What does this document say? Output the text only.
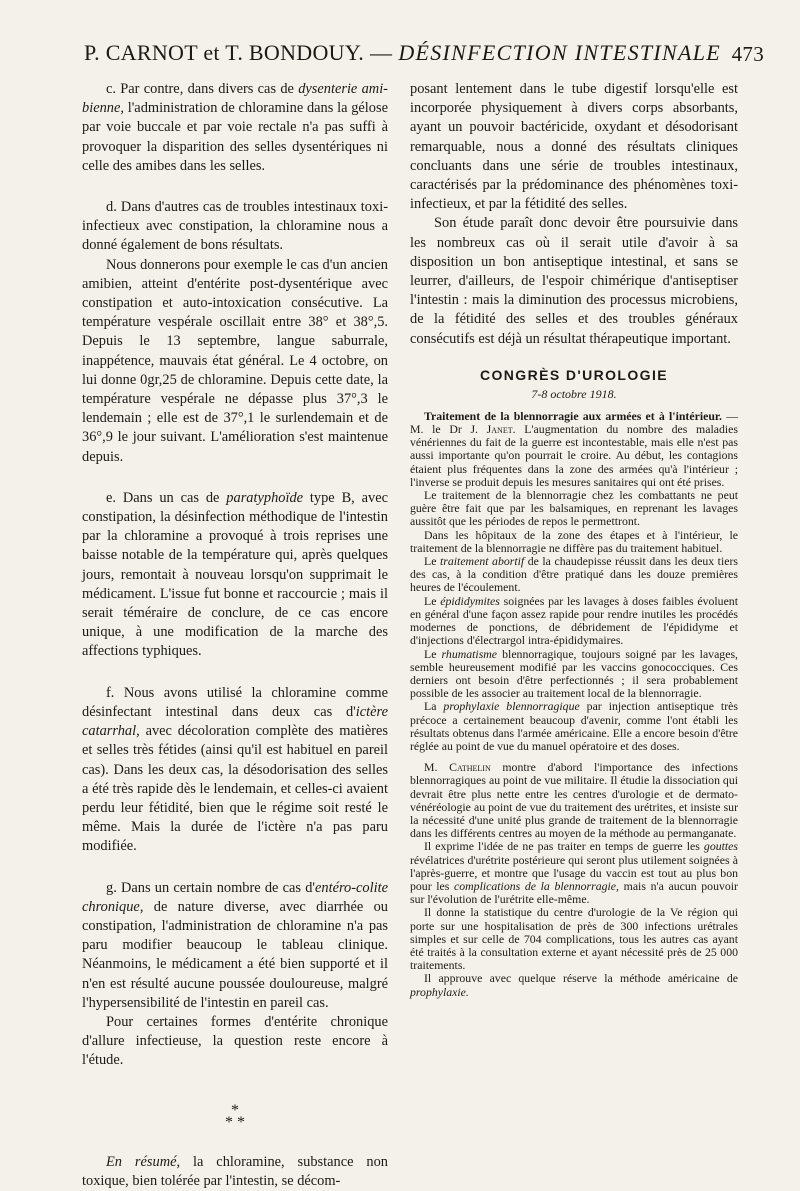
P. CARNOT et T. BONDOUY. — DÉSINFECTION INTESTINALE 473

c. Par contre, dans divers cas de dysenterie ami- bienne, l'administration de chloramine dans la gélose par voie buccale et par voie rectale n'a pas suffi à provoquer la disparition des selles dysentériques ni celle des amibes dans les selles.

d. Dans d'autres cas de troubles intestinaux toxi-infectieux avec constipation, la chloramine nous a donné également de bons résultats.

Nous donnerons pour exemple le cas d'un ancien amibien, atteint d'entérite post-dysentérique avec constipation et auto-intoxication consécutive. La température vespérale oscillait entre 38° et 38°,5. Depuis le 13 septembre, langue saburrale, inappétence, mauvais état général. Le 4 octobre, on lui donne 0gr,25 de chloramine. Depuis cette date, la température vespérale ne dépasse plus 37°,3 le lendemain ; elle est de 37°,1 le surlendemain et de 36°,9 le jour suivant. L'amélioration s'est maintenue depuis.

e. Dans un cas de paratyphoïde type B, avec constipation, la désinfection méthodique de l'intestin par la chloramine a provoqué à trois reprises une baisse notable de la température qui, après quelques jours, remontait à nouveau lorsqu'on supprimait le médicament. L'issue fut bonne et raccourcie ; mais il serait téméraire de conclure, de ce cas encore unique, à une modification de la marche des affections typhiques.

f. Nous avons utilisé la chloramine comme désinfectant intestinal dans deux cas d'ictère catarrhal, avec décoloration complète des matières et selles très fétides (ainsi qu'il est habituel en pareil cas). Dans les deux cas, la désodorisation des selles a été très rapide dès le lendemain, et celles-ci avaient perdu leur fétidité, bien que le régime soit resté le même. Mais la durée de l'ictère n'a pas paru modifiée.

g. Dans un certain nombre de cas d'entéro-colite chronique, de nature diverse, avec diarrhée ou constipation, l'administration de chloramine n'a pas paru modifier beaucoup le tableau clinique. Néanmoins, le médicament a été bien supporté et il n'en est résulté aucune poussée douloureuse, malgré l'hypersensibilité de l'intestin en pareil cas.

Pour certaines formes d'entérite chronique d'allure infectieuse, la question reste encore à l'étude.

*
* *

En résumé, la chloramine, substance non toxique, bien tolérée par l'intestin, se décom-

posant lentement dans le tube digestif lorsqu'elle est incorporée physiquement à divers corps absorbants, ayant un pouvoir bactéricide, oxydant et désodorisant remarquable, nous a donné des résultats cliniques concluants dans une série de troubles intestinaux, caractérisés par la prédominance des phénomènes toxi-infectieux, et par la fétidité des selles.

Son étude paraît donc devoir être poursuivie dans les nombreux cas où il serait utile d'avoir à sa disposition un bon antiseptique intestinal, et sans se leurrer, d'ailleurs, de l'espoir chimérique d'antiseptiser l'intestin : mais la diminution des processus microbiens, de la fétidité des selles et des troubles généraux consécutifs est déjà un résultat thérapeutique important.

CONGRÈS D'UROLOGIE
7-8 octobre 1918.

Traitement de la blennorragie aux armées et à l'intérieur. — M. le Dr J. Janet. L'augmentation du nombre des maladies vénériennes du fait de la guerre est incontestable, mais elle n'est pas aussi importante qu'on pourrait le croire. Au début, les contagions étaient plus fréquentes dans la zone des armées qu'à l'intérieur ; l'inverse se produit depuis les mesures sanitaires qui ont été prises.

Le traitement de la blennorragie chez les combattants ne peut guère être fait que par les balsamiques, en reprenant les lavages aussitôt que les périodes de repos le permettront.

Dans les hôpitaux de la zone des étapes et à l'intérieur, le traitement de la blennorragie ne diffère pas du traitement habituel.

Le traitement abortif de la chaudepisse réussit dans les deux tiers des cas, à la condition d'être pratiqué dans les douze premières heures de l'écoulement.

Le épididymites soignées par les lavages à doses faibles évoluent en général d'une façon assez rapide pour rendre inutiles les procédés modernes de ponctions, de débridement de l'épididyme et d'injections d'électrargol intra-épididymaires.

Le rhumatisme blennorragique, toujours soigné par les lavages, semble heureusement modifié par les vaccins gonococciques. Ces derniers ont besoin d'être perfectionnés ; il sera probablement possible de les associer au traitement local de la blennorragie.

La prophylaxie blennorragique par injection antiseptique très précoce a certainement beaucoup d'avenir, comme l'ont établi les résultats obtenus dans l'armée américaine. Elle a encore besoin d'être réglée au point de vue du manuel opératoire et des doses.

M. Cathelin montre d'abord l'importance des infections blennorragiques au point de vue militaire. Il étudie la dissociation qui devrait être plus nette entre les centres d'urologie et de dermato-vénéréologie au point de vue du traitement des urétrites, et insiste sur la nécessité d'une unité plus grande de traitement de la blennorragie dans les différents centres au moyen de la méthode au permanganate.

Il exprime l'idée de ne pas traiter en temps de guerre les gouttes révélatrices d'urétrite postérieure qui seront plus utilement soignées à l'après-guerre, et montre que l'usage du vaccin est tout au plus bon pour les complications de la blennorragie, mais n'a aucun pouvoir sur l'évolution de l'urétrite elle-même.

Il donne la statistique du centre d'urologie de la Ve région qui porte sur une hospitalisation de près de 300 infections urétrales simples et sur celle de 704 complications, tous les autres cas ayant été traités à la consultation externe et ayant nécessité près de 25 000 traitements.

Il approuve avec quelque réserve la méthode américaine de prophylaxie.
